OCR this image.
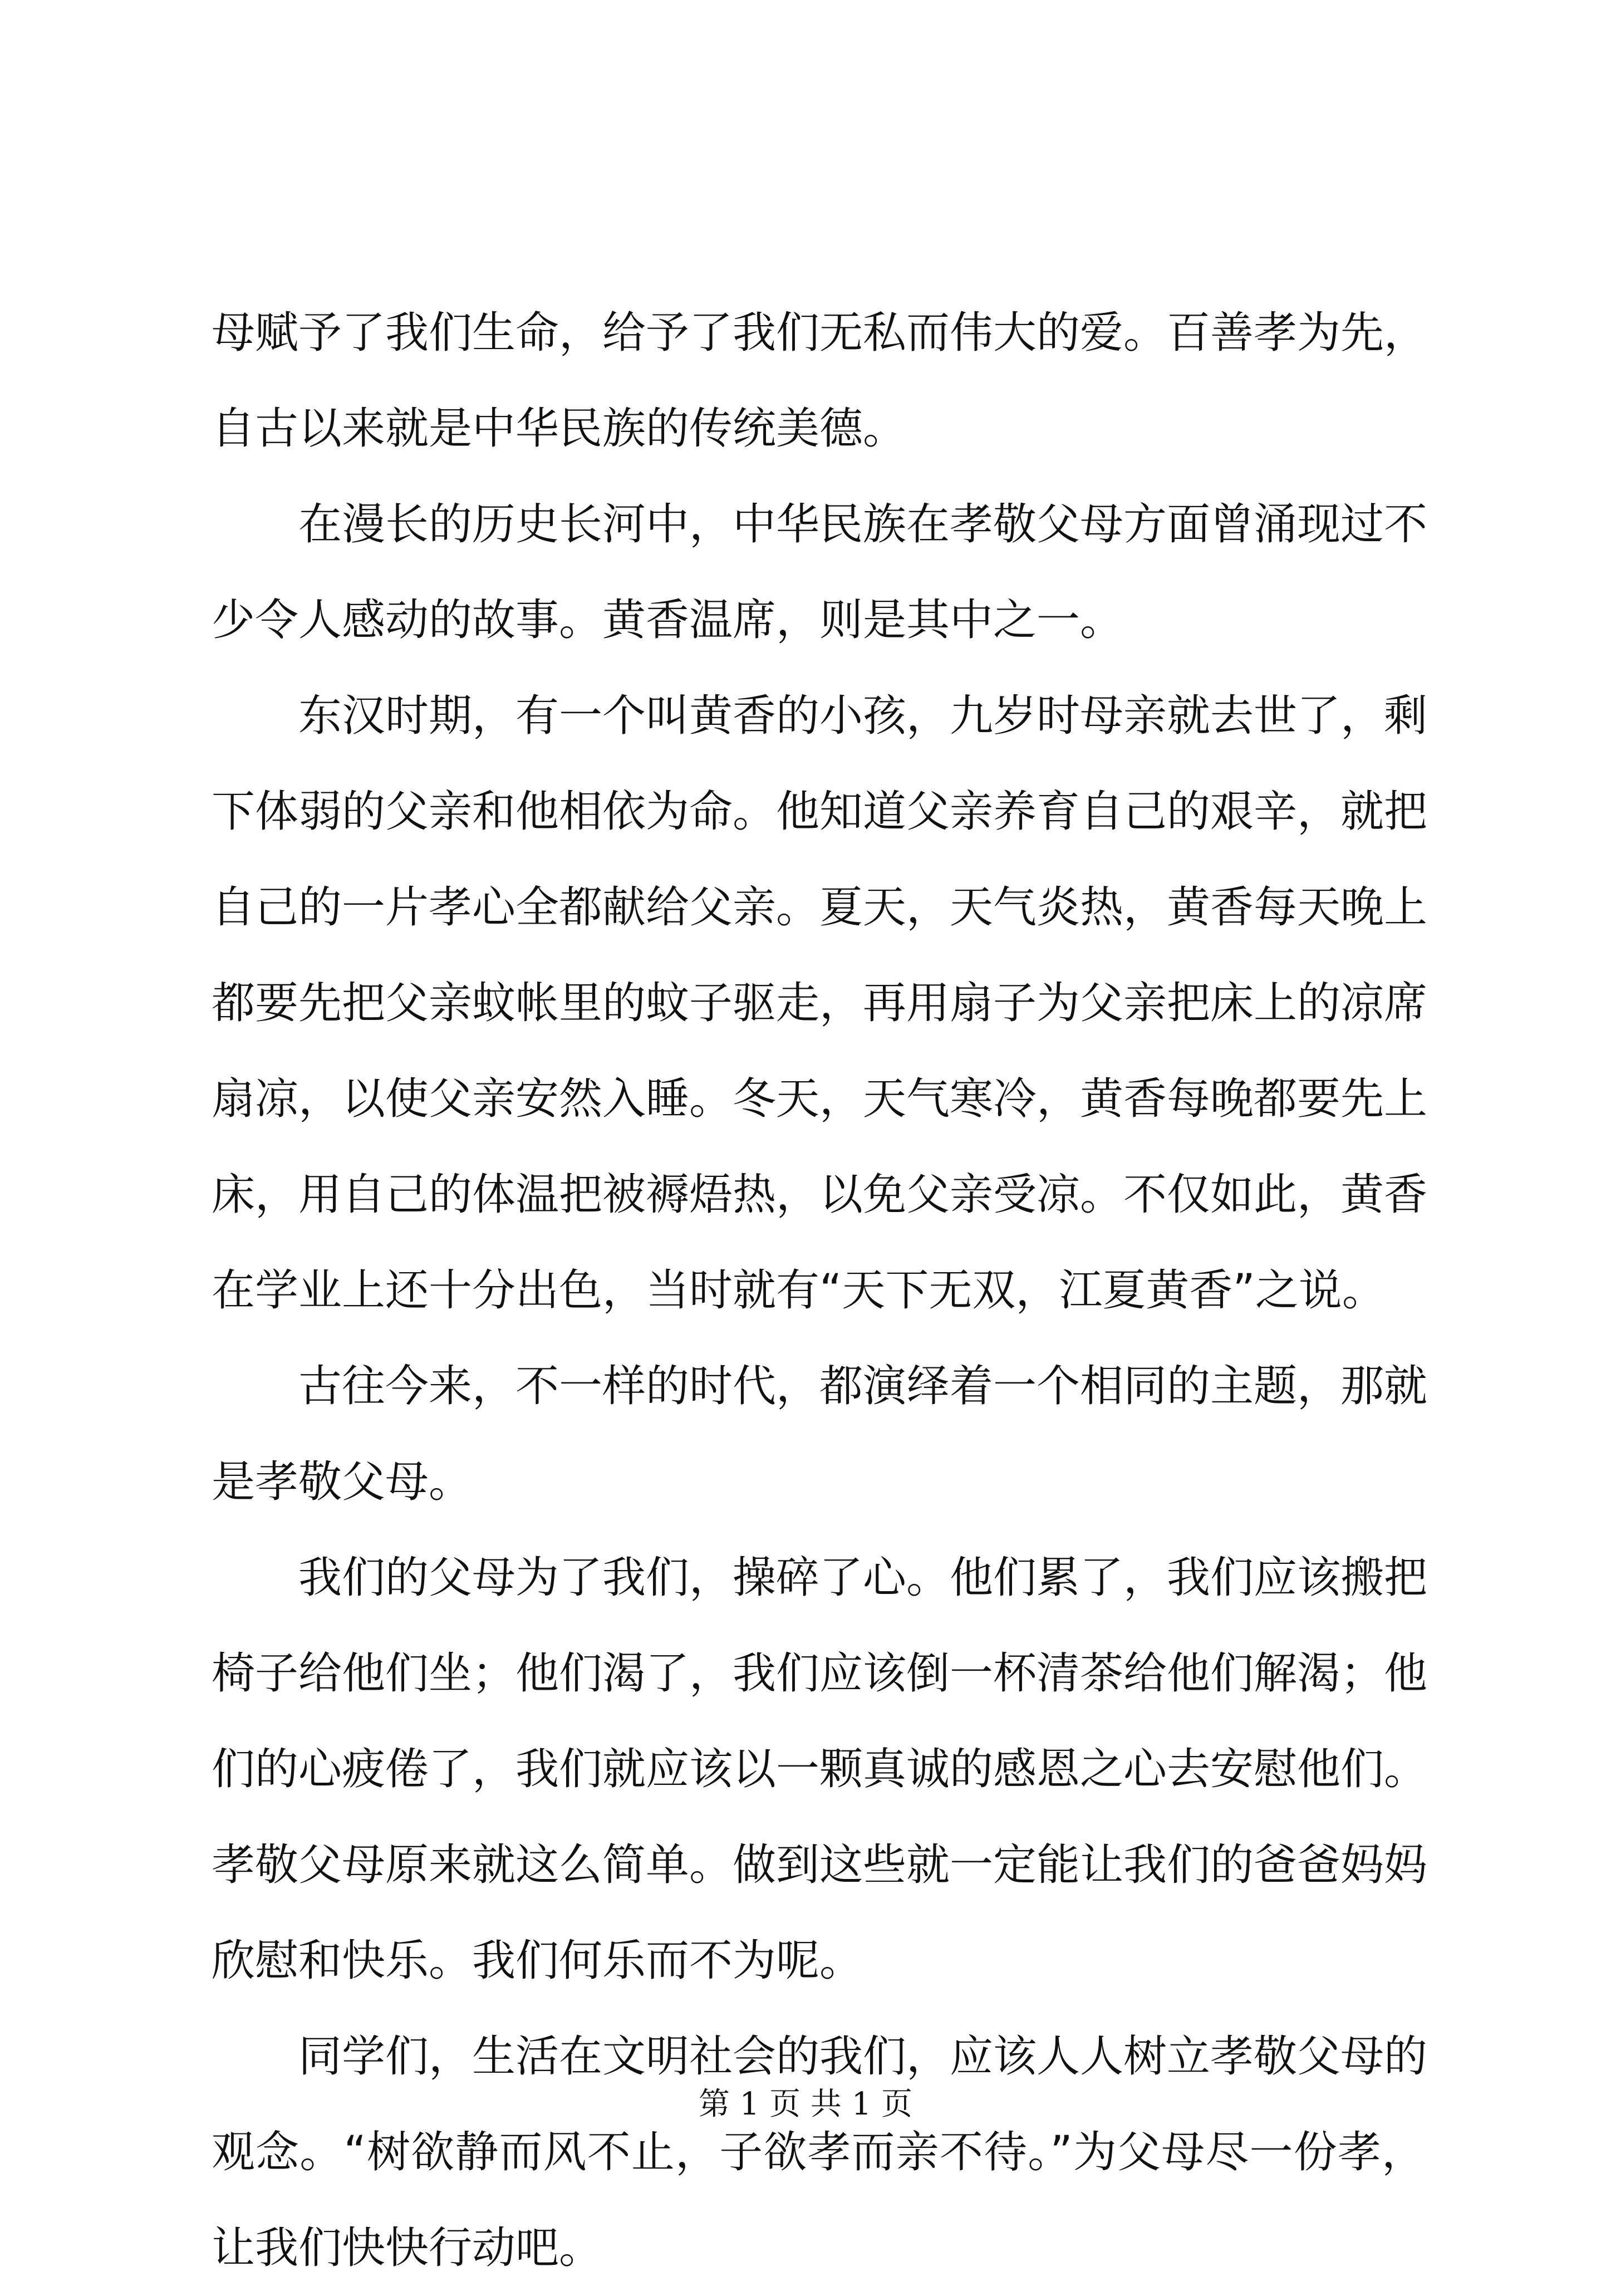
母赋予了我们生命，给予了我们无私而伟大的爱。百善孝为先，
自古以来就是中华民族的传统美德。
在漫长的历史长河中，中华民族在孝敬父母方面曾涌现过不
少令人感动的故事。黄香温席，则是其中之一。
东汉时期，有一个叫黄香的小孩，九岁时母亲就去世了，剩
下体弱的父亲和他相依为命。他知道父亲养育自己的艰辛，就把
自己的一片孝心全都献给父亲。夏天，天气炎热，黄香每天晚上
都要先把父亲蚊帐里的蚊子驱走，再用扇子为父亲把床上的凉席
扇凉，以使父亲安然入睡。冬天，天气寒冷，黄香每晚都要先上
床，用自己的体温把被褥焐热，以免父亲受凉。不仅如此，黄香
在学业上还十分出色，当时就有“天下无双，江夏黄香”之说。
古往今来，不一样的时代，都演绎着一个相同的主题，那就
是孝敬父母。
我们的父母为了我们，操碎了心。他们累了，我们应该搬把
椅子给他们坐；他们渴了，我们应该倒一杯清茶给他们解渴；他
们的心疲倦了，我们就应该以一颗真诚的感恩之心去安慰他们。
孝敬父母原来就这么简单。做到这些就一定能让我们的爸爸妈妈
欣慰和快乐。我们何乐而不为呢。
同学们，生活在文明社会的我们，应该人人树立孝敬父母的
观念。“树欲静而风不止，子欲孝而亲不待。”为父母尽一份孝，
让我们快快行动吧。
第 1 页 共 1 页
